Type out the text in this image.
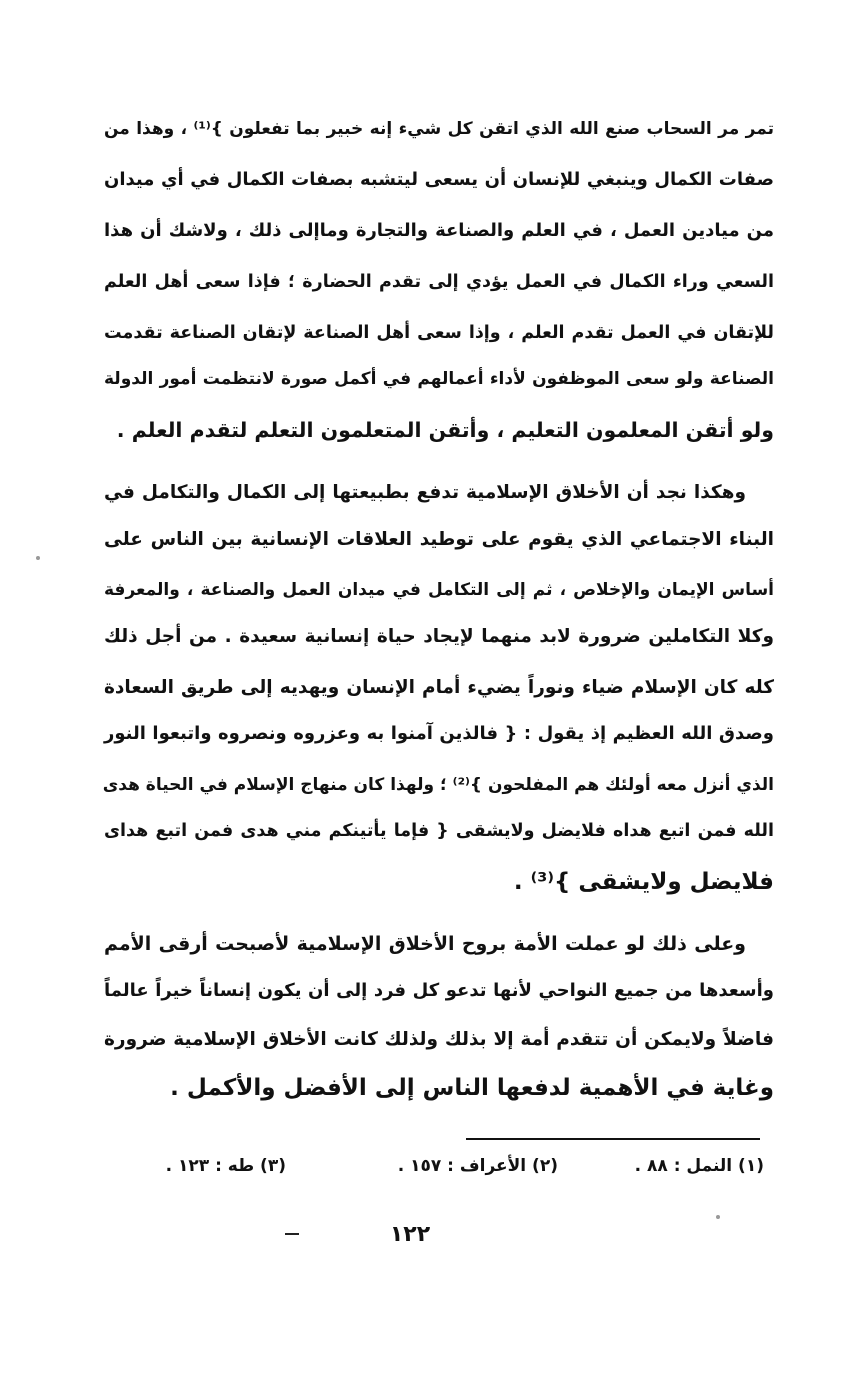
تمر مر السحاب صنع الله الذي اتقن كل شيء إنه خبير بما تفعلون }⁽¹⁾ ، وهذا من
صفات الكمال وينبغي للإنسان أن يسعى ليتشبه بصفات الكمال في أي ميدان
من ميادين العمل ، في العلم والصناعة والتجارة وماإلى ذلك ، ولاشك أن هذا
السعي وراء الكمال في العمل يؤدي إلى تقدم الحضارة ؛ فإذا سعى أهل العلم
للإتقان في العمل تقدم العلم ، وإذا سعى أهل الصناعة لإتقان الصناعة تقدمت
الصناعة ولو سعى الموظفون لأداء أعمالهم في أكمل صورة لانتظمت أمور الدولة
ولو أتقن المعلمون التعليم ، وأتقن المتعلمون التعلم لتقدم العلم .
وهكذا نجد أن الأخلاق الإسلامية تدفع بطبيعتها إلى الكمال والتكامل في
البناء الاجتماعي الذي يقوم على توطيد العلاقات الإنسانية بين الناس على
أساس الإيمان والإخلاص ، ثم إلى التكامل في ميدان العمل والصناعة ، والمعرفة
وكلا التكاملين ضرورة لابد منهما لإيجاد حياة إنسانية سعيدة . من أجل ذلك
كله كان الإسلام ضياء ونوراً يضيء أمام الإنسان ويهديه إلى طريق السعادة
وصدق الله العظيم إذ يقول : { فالذين آمنوا به وعزروه ونصروه واتبعوا النور
الذي أنزل معه أولئك هم المفلحون }⁽²⁾ ؛ ولهذا كان منهاج الإسلام في الحياة هدى
الله فمن اتبع هداه فلايضل ولايشقى { فإما يأتينكم مني هدى فمن اتبع هداى
فلايضل ولايشقى }⁽³⁾ .
وعلى ذلك لو عملت الأمة بروح الأخلاق الإسلامية لأصبحت أرقى الأمم
وأسعدها من جميع النواحي لأنها تدعو كل فرد إلى أن يكون إنساناً خيراً عالماً
فاضلاً ولايمكن أن تتقدم أمة إلا بذلك ولذلك كانت الأخلاق الإسلامية ضرورة
وغاية في الأهمية لدفعها الناس إلى الأفضل والأكمل .
(١) النمل : ٨٨ .
(٢) الأعراف : ١٥٧ .
(٣) طه : ١٢٣ .
١٢٢
